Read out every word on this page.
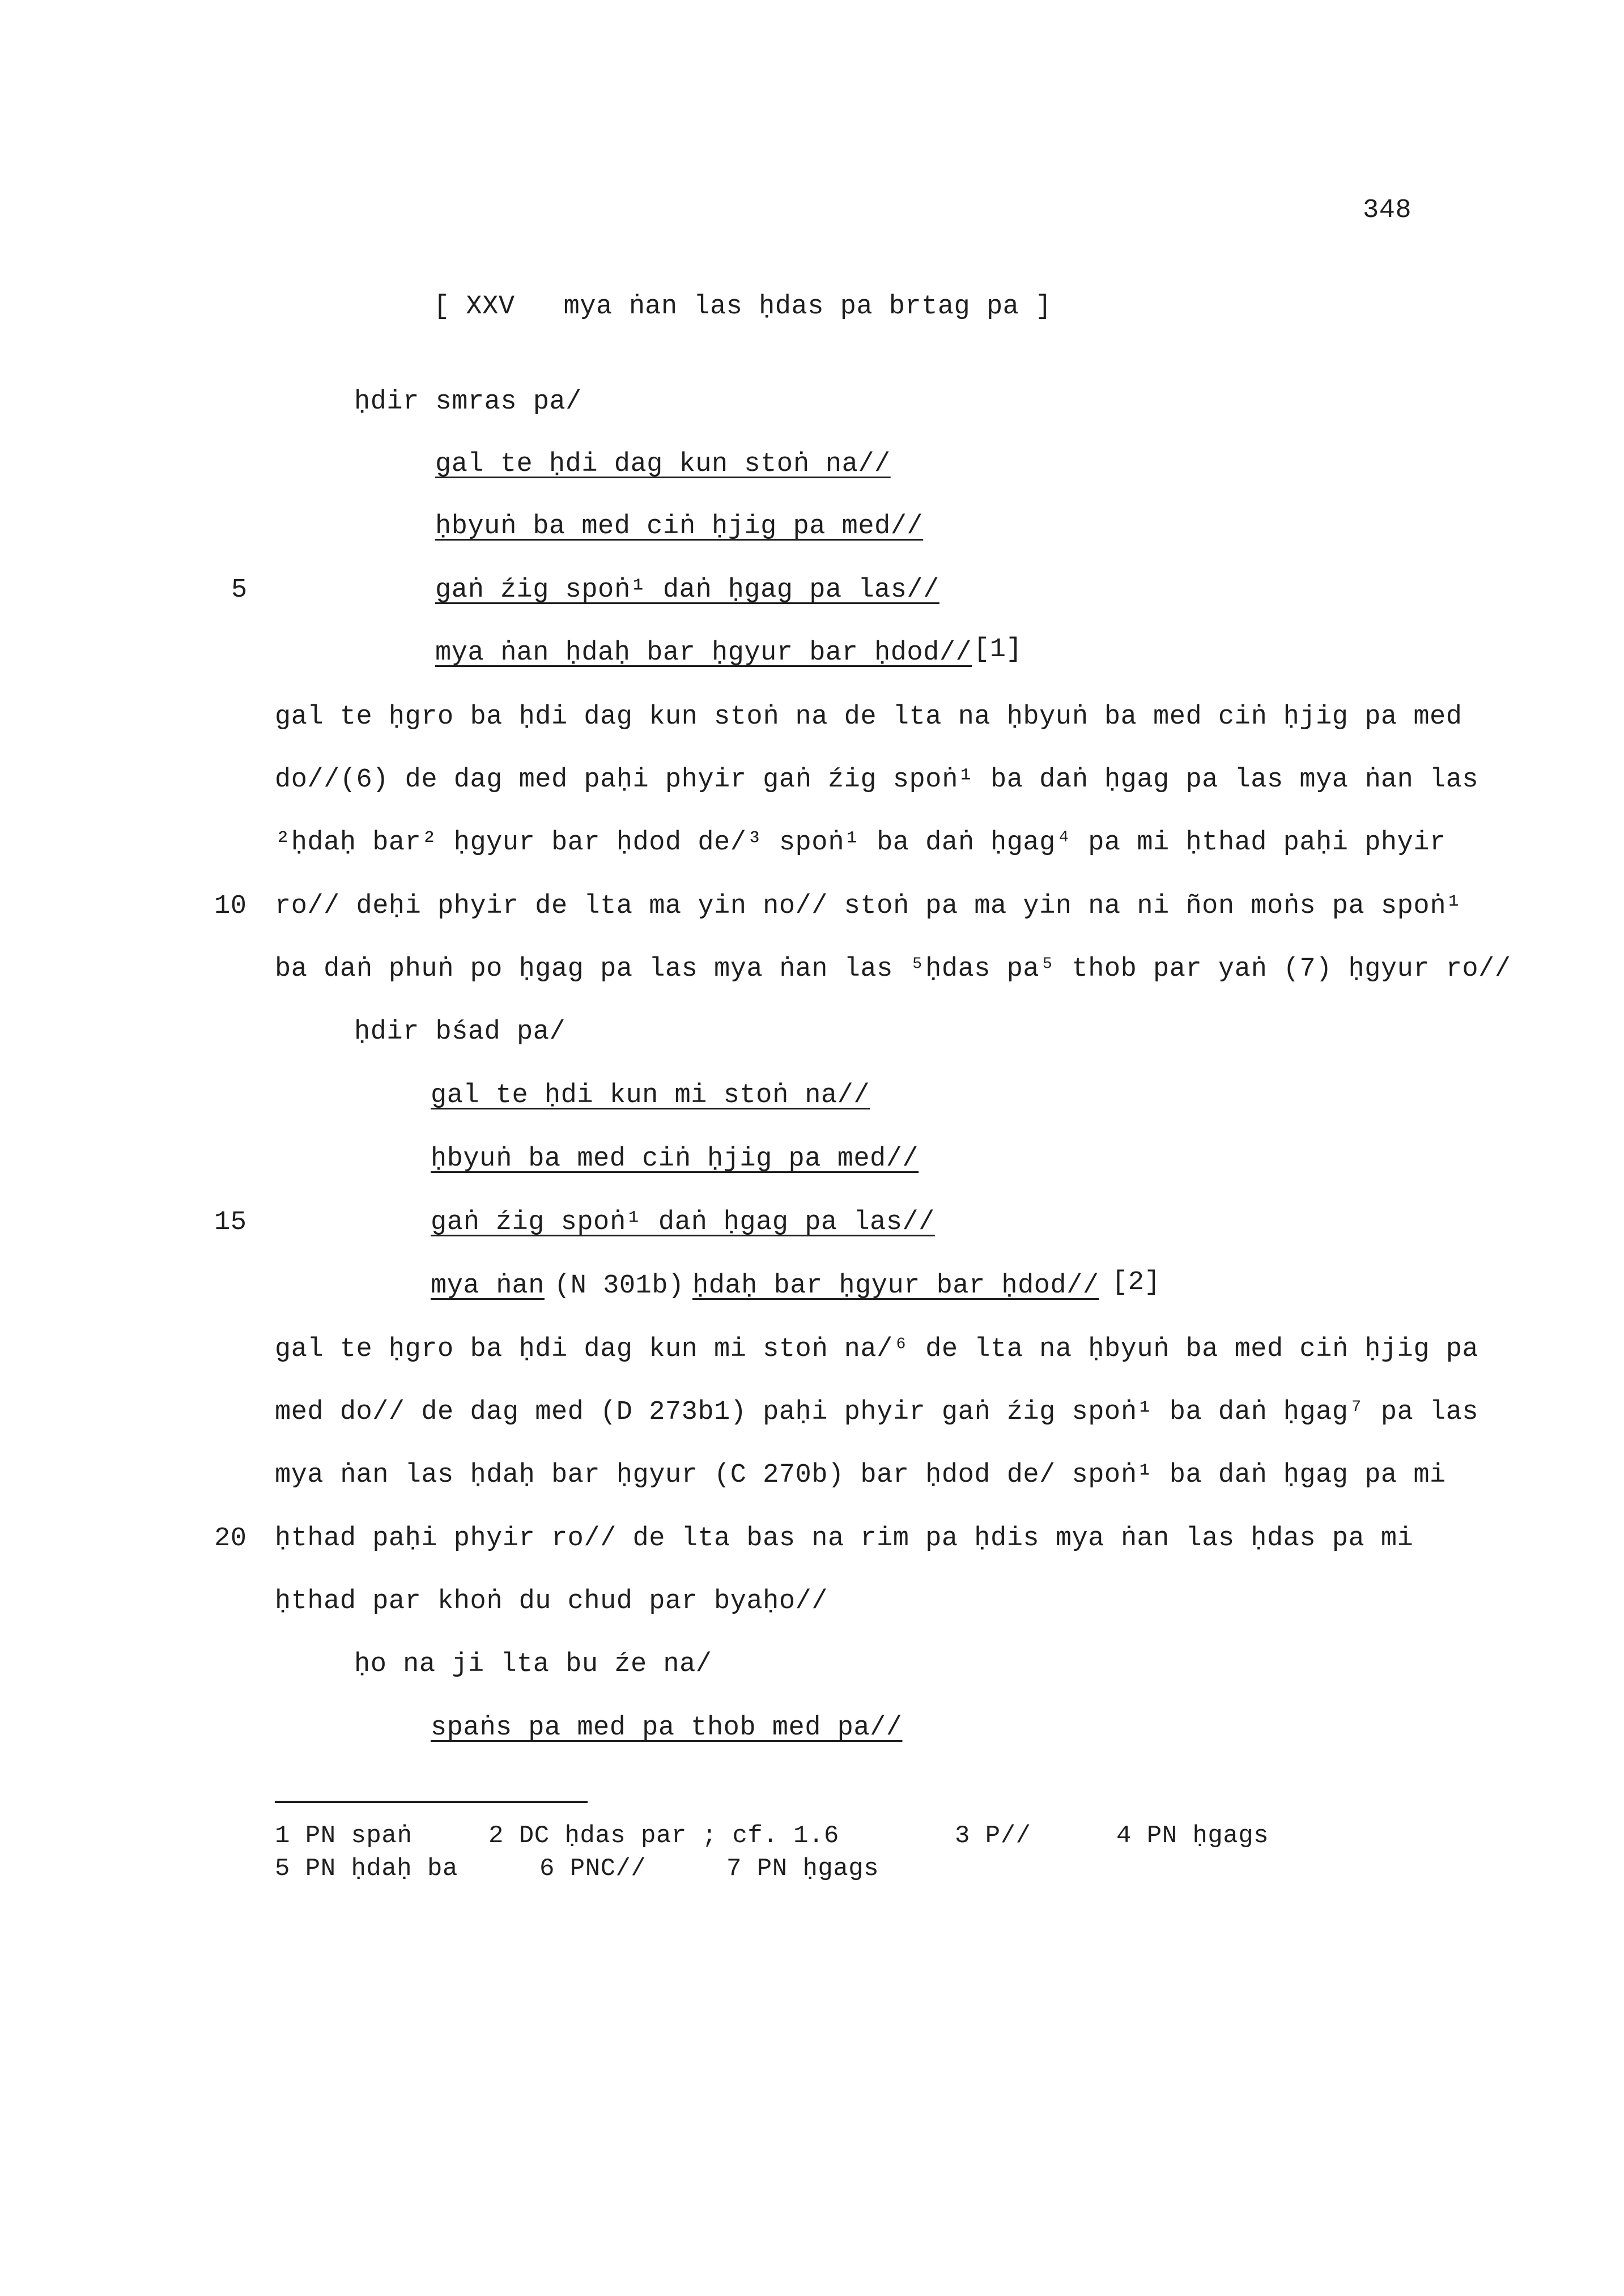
348
[ XXV   mya ṅan las ḥdas pa brtag pa ]
5
10
15
20
ḥdir smras pa/
gal te ḥdi dag kun stoṅ na//
ḥbyuṅ ba med ciṅ ḥjig pa med//
gaṅ źig spoṅ¹ daṅ ḥgag pa las//
mya ṅan ḥdaḥ bar ḥgyur bar ḥdod// [1]
gal te ḥgro ba ḥdi dag kun stoṅ na de lta na ḥbyuṅ ba med ciṅ ḥjig pa med
do//(6) de dag med paḥi phyir gaṅ źig spoṅ¹ ba daṅ ḥgag pa las mya ṅan las
²ḥdaḥ bar² ḥgyur bar ḥdod de/³ spoṅ¹ ba daṅ ḥgag⁴ pa mi ḥthad paḥi phyir
ro// deḥi phyir de lta ma yin no// stoṅ pa ma yin na ni ñon moṅs pa spoṅ¹
ba daṅ phuṅ po ḥgag pa las mya ṅan las ⁵ḥdas pa⁵ thob par yaṅ (7) ḥgyur ro//
ḥdir bśad pa/
gal te ḥdi kun mi stoṅ na//
ḥbyuṅ ba med ciṅ ḥjig pa med//
gaṅ źig spoṅ¹ daṅ ḥgag pa las//
mya ṅan (N 301b) ḥdaḥ bar ḥgyur bar ḥdod// [2]
gal te ḥgro ba ḥdi dag kun mi stoṅ na/⁶ de lta na ḥbyuṅ ba med ciṅ ḥjig pa
med do// de dag med (D 273b1) paḥi phyir gaṅ źig spoṅ¹ ba daṅ ḥgag⁷ pa las
mya ṅan las ḥdaḥ bar ḥgyur (C 270b) bar ḥdod de/ spoṅ¹ ba daṅ ḥgag pa mi
ḥthad paḥi phyir ro// de lta bas na rim pa ḥdis mya ṅan las ḥdas pa mi
ḥthad par khoṅ du chud par byaḥo//
ḥo na ji lta bu źe na/
spaṅs pa med pa thob med pa//
1 PN spaṅ	2 DC ḥdas par ; cf. 1.6	3 P//	4 PN ḥgags
5 PN ḥdaḥ ba	6 PNC//	7 PN ḥgags
